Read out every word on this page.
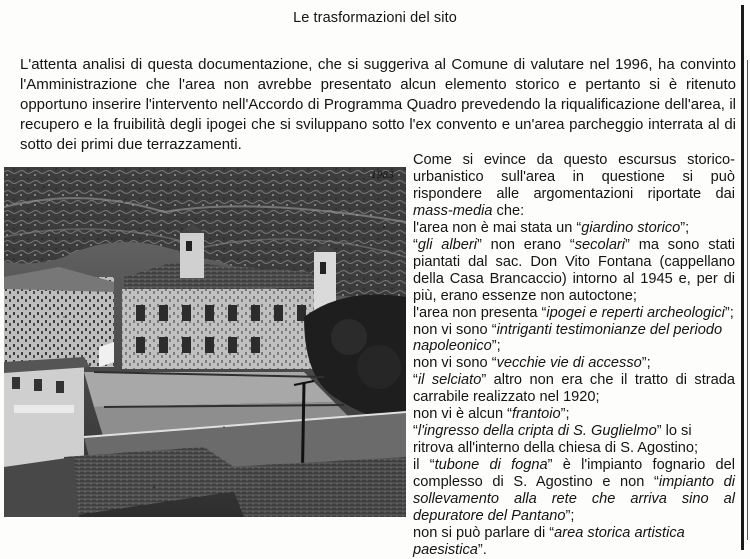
Le trasformazioni del sito
L'attenta analisi di questa documentazione, che si suggeriva al Comune di valutare nel 1996, ha convinto l'Amministrazione che l'area non avrebbe presentato alcun elemento storico e pertanto si è ritenuto opportuno inserire l'intervento nell'Accordo di Programma Quadro prevedendo la riqualificazione dell'area, il recupero e la fruibilità degli ipogei che si sviluppano sotto l'ex convento e un'area parcheggio interrata al di sotto dei primi due terrazzamenti.
1983

Come si evince da questo escursus storico-urbanistico sull'area in questione si può rispondere alle argomentazioni riportate dai mass-media che:

l'area non è mai stata un “giardino storico”;

“gli alberi” non erano “secolari” ma sono stati piantati dal sac. Don Vito Fontana (cappellano della Casa Brancaccio) intorno al 1945 e, per di più, erano essenze non autoctone;

l'area non presenta “ipogei e reperti archeologici”;

non vi sono “intriganti testimonianze del periodo napoleonico”;

non vi sono “vecchie vie di accesso”;

“il selciato” altro non era che il tratto di strada carrabile realizzato nel 1920;

non vi è alcun “frantoio”;

“l'ingresso della cripta di S. Guglielmo” lo si ritrova all'interno della chiesa di S. Agostino;

il “tubone di fogna” è l'impianto fognario del complesso di S. Agostino e non “impianto di sollevamento alla rete che arriva sino al depuratore del Pantano”;

non si può parlare di “area storica artistica paesistica”.
